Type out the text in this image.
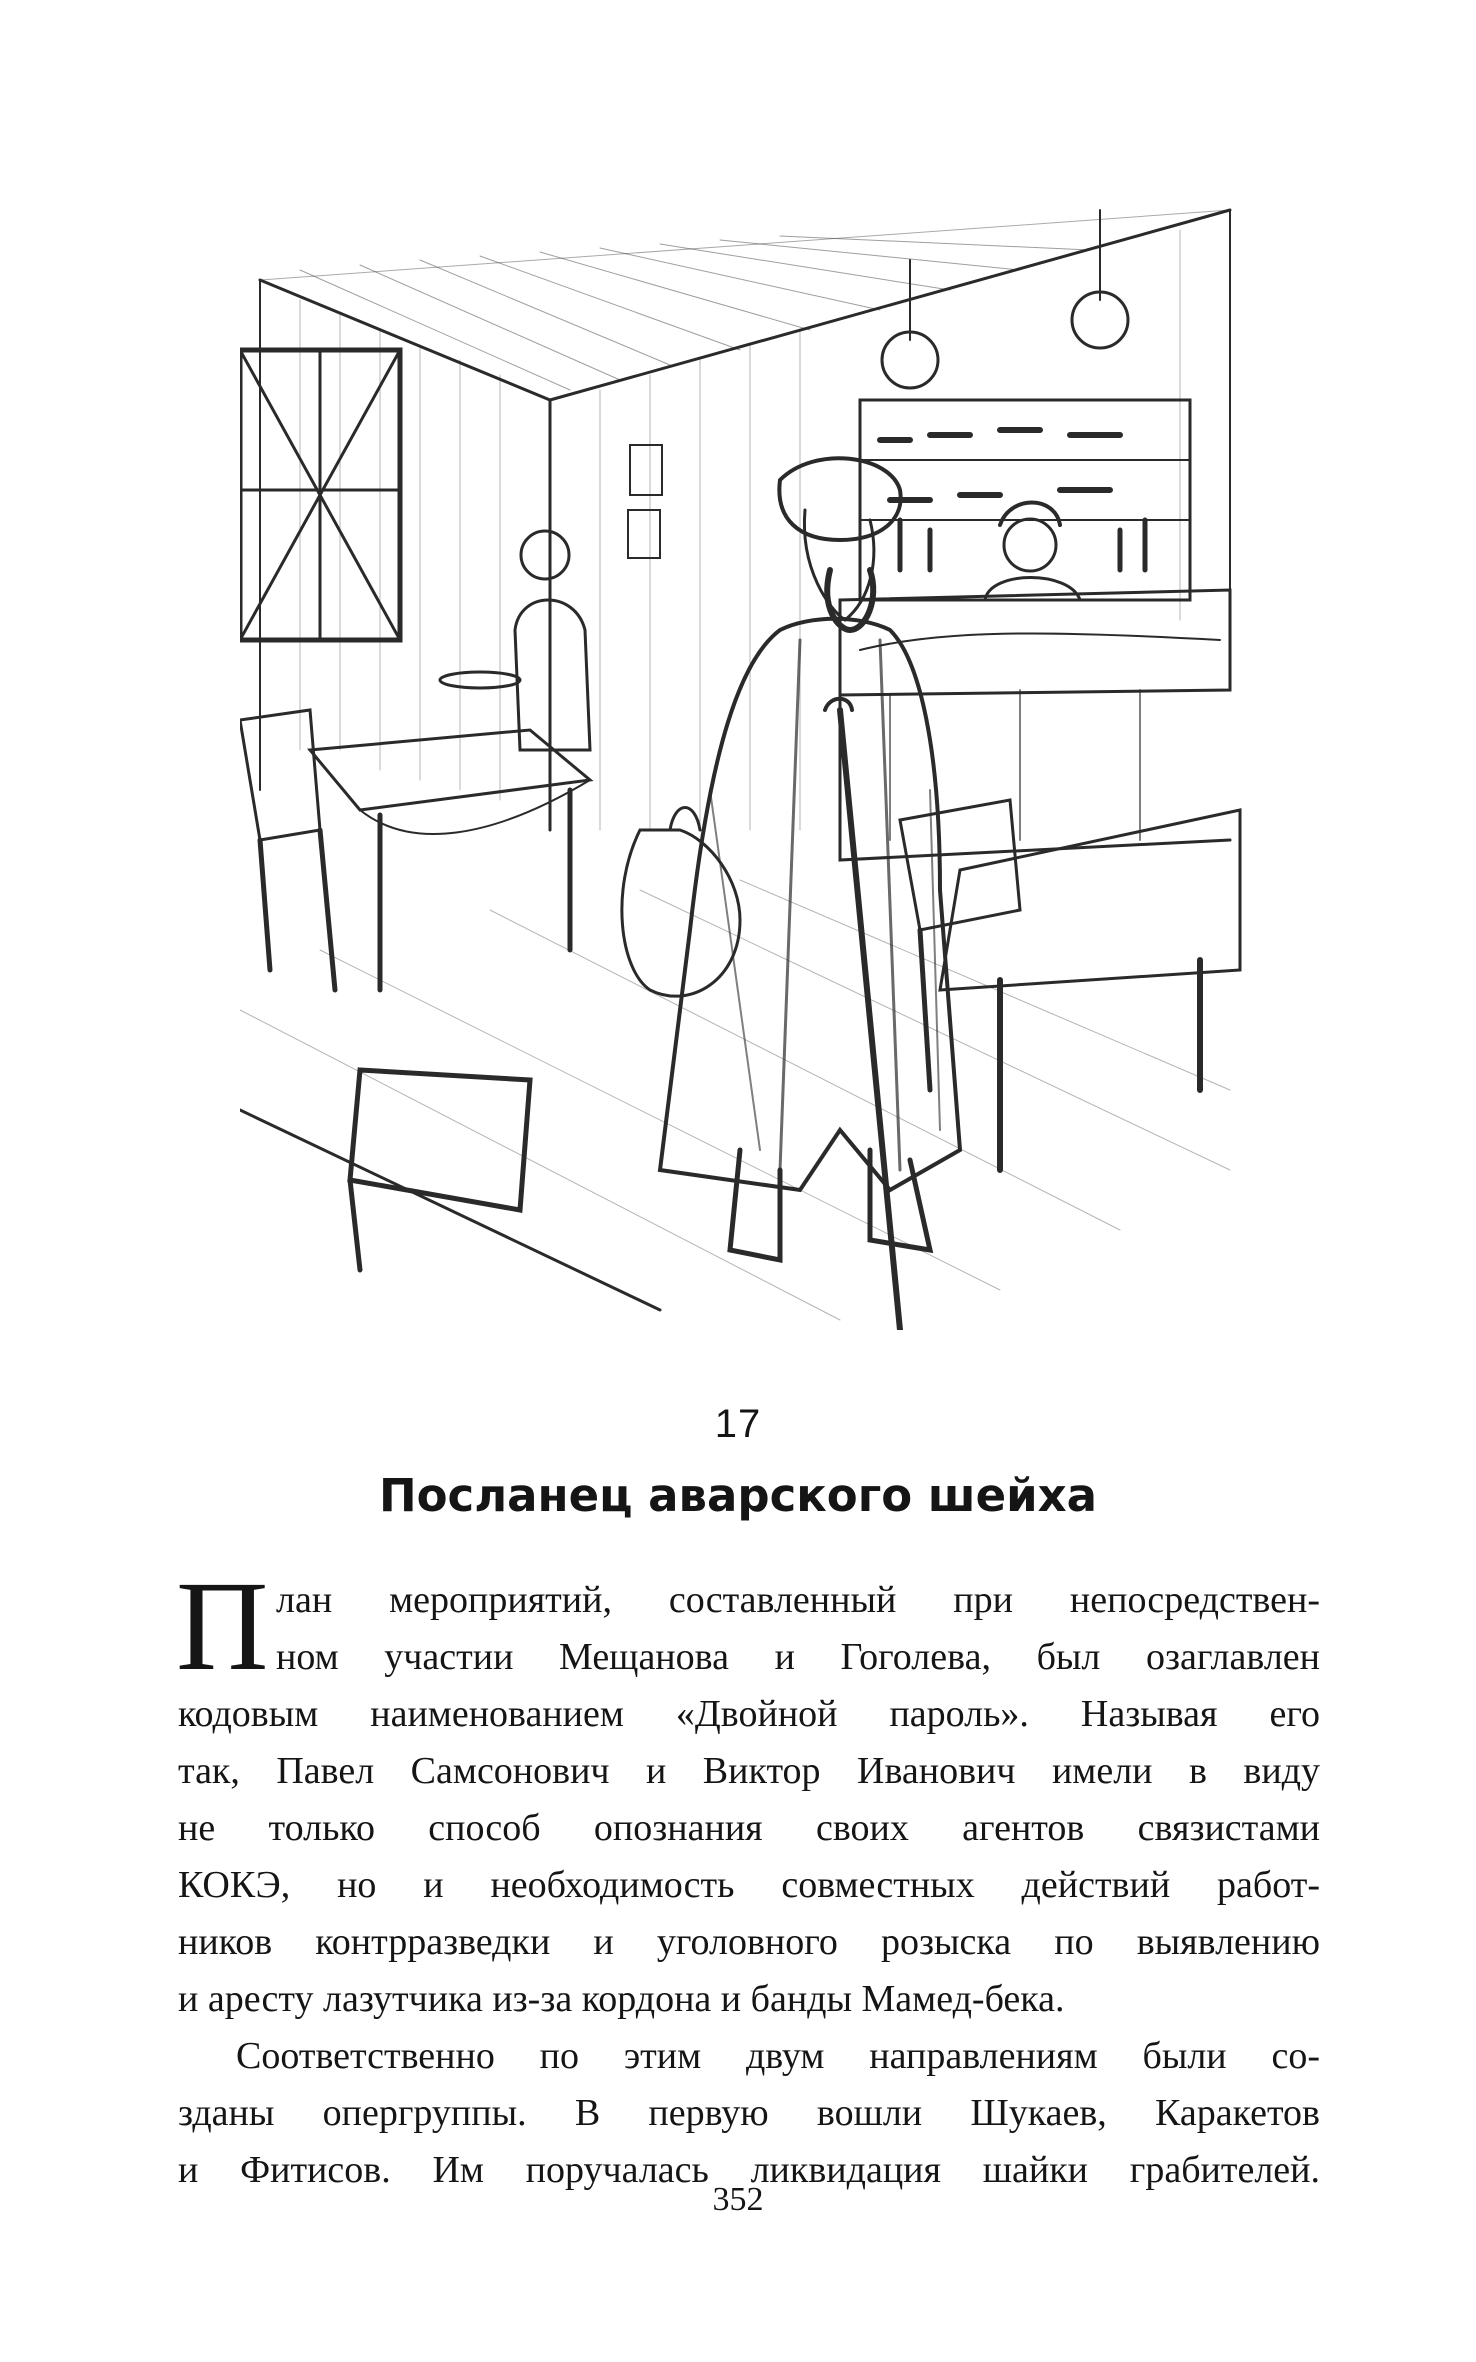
17
Посланец аварского шейха
П лан мероприятий, составленный при непосредствен-
ном участии Мещанова и Гоголева, был озаглавлен
кодовым наименованием «Двойной пароль». Называя его
так, Павел Самсонович и Виктор Иванович имели в виду
не только способ опознания своих агентов связистами
КОКЭ, но и необходимость совместных действий работ-
ников контрразведки и уголовного розыска по выявлению
и аресту лазутчика из-за кордона и банды Мамед-бека.
Соответственно по этим двум направлениям были со-
зданы опергруппы. В первую вошли Шукаев, Каракетов
и Фитисов. Им поручалась ликвидация шайки грабителей.
352
